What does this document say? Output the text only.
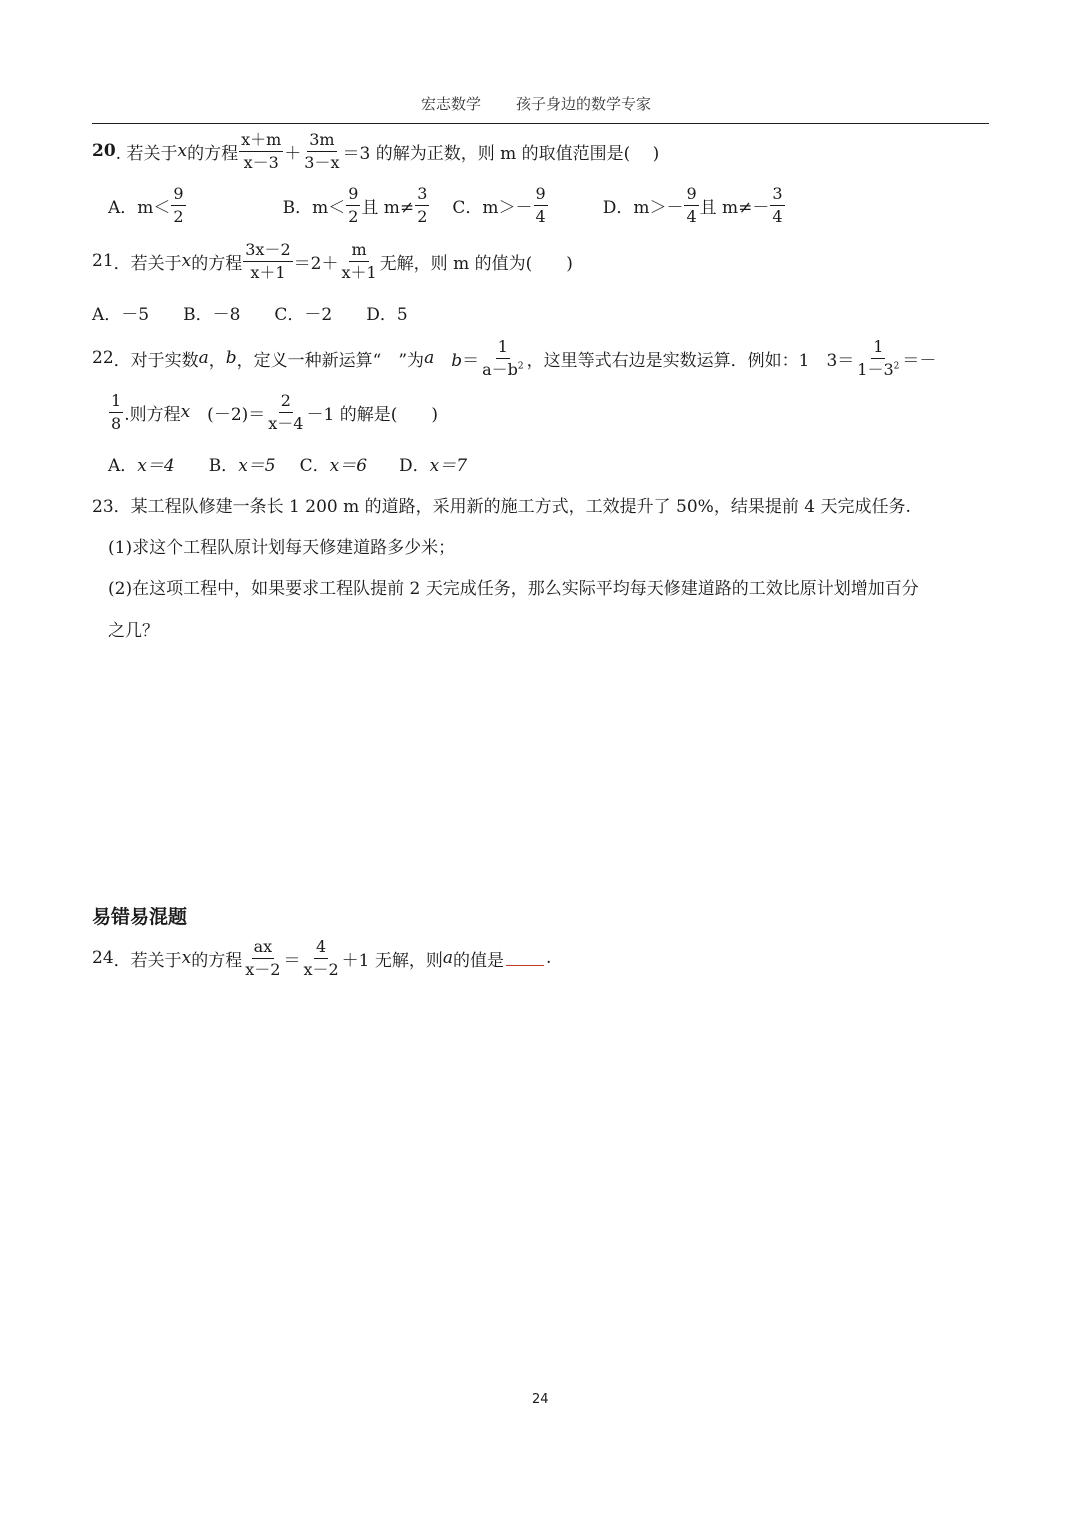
宏志数学 孩子身边的数学专家
20 . 若关于 x 的方程 $\frac{x+m}{x-3} + \frac{3m}{3-x} =3$ 的解为正数，则 m 的取值范围是(　 )
A．$m< \frac{9}{2}$	B．$m< \frac{9}{2}$ 且 $m\ne \frac{3}{2}$ C．$m>- \frac{9}{4}$	D．$m>- \frac{9}{4}$ 且 $m\ne- \frac{3}{4}$
21 ．若关于 x 的方程 $\frac{3x-2}{x+1} =2+ \frac{m}{x+1}$ 无解，则 m 的值为(　　)
A．－5　　B．－8　　C．－2　　D．5
22 ．对于实数 a ， b ，定义一种新运算“　”为 a 　$b = \frac{1}{a-b^2}$ ，这里等式右边是实数运算．例如：1　$3= \frac{1}{1-3^2}$ ＝－
$\frac{1}{8}$ .则方程 x 　$(-2)= \frac{2}{x-4} -1$ 的解是(　　)
A． x＝4 B． x＝5 C． x＝6 D． x＝7
23．某工程队修建一条长 1 200 m 的道路，采用新的施工方式，工效提升了 50%，结果提前 4 天完成任务.
(1)求这个工程队原计划每天修建道路多少米；
(2)在这项工程中，如果要求工程队提前 2 天完成任务，那么实际平均每天修建道路的工效比原计划增加百分
之几？
易错易混题
24 ．若关于 x 的方程 $\frac{ax}{x-2} = \frac{4}{x-2} +1$ 无解，则 a 的值是 .
24
